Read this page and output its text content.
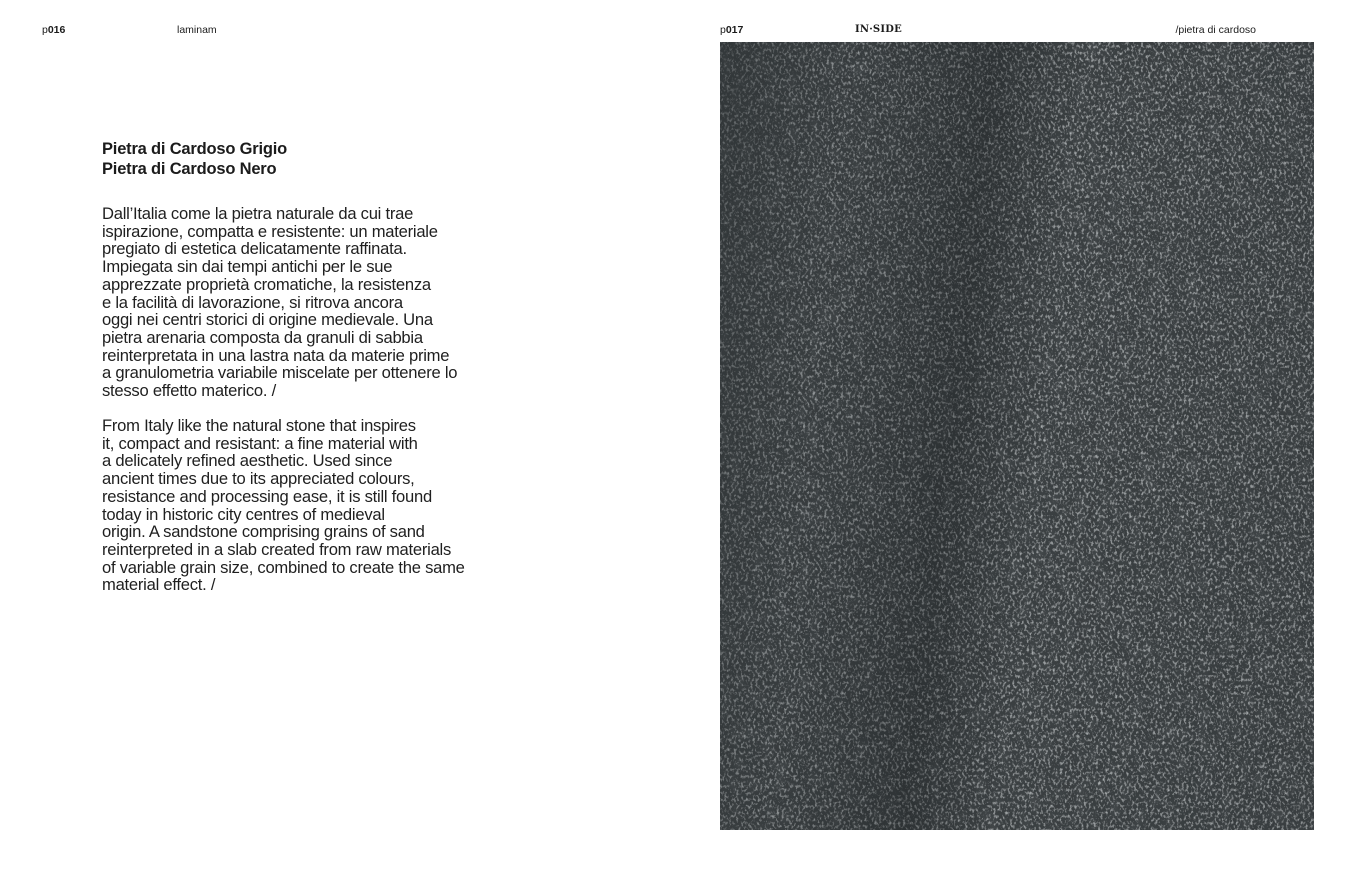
p016	laminam	p017	IN·SIDE	/pietra di cardoso
Pietra di Cardoso Grigio
Pietra di Cardoso Nero
Dall’Italia come la pietra naturale da cui trae
ispirazione, compatta e resistente: un materiale
pregiato di estetica delicatamente raffinata.
Impiegata sin dai tempi antichi per le sue
apprezzate proprietà cromatiche, la resistenza
e la facilità di lavorazione, si ritrova ancora
oggi nei centri storici di origine medievale. Una
pietra arenaria composta da granuli di sabbia
reinterpretata in una lastra nata da materie prime
a granulometria variabile miscelate per ottenere lo
stesso effetto materico. /
From Italy like the natural stone that inspires
it, compact and resistant: a fine material with
a delicately refined aesthetic. Used since
ancient times due to its appreciated colours,
resistance and processing ease, it is still found
today in historic city centres of medieval
origin. A sandstone comprising grains of sand
reinterpreted in a slab created from raw materials
of variable grain size, combined to create the same
material effect. /
